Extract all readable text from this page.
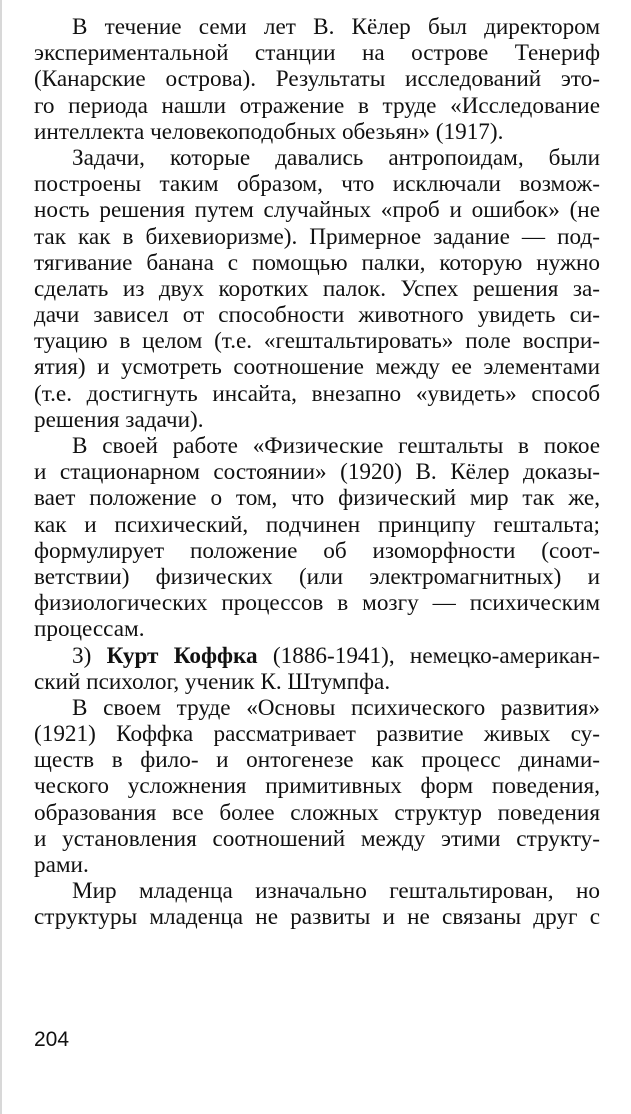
В течение семи лет В. Кёлер был директором
экспериментальной станции на острове Тенериф
(Канарские острова). Результаты исследований это-
го периода нашли отражение в труде «Исследование
интеллекта человекоподобных обезьян» (1917).
Задачи, которые давались антропоидам, были
построены таким образом, что исключали возмож-
ность решения путем случайных «проб и ошибок» (не
так как в бихевиоризме). Примерное задание — под-
тягивание банана с помощью палки, которую нужно
сделать из двух коротких палок. Успех решения за-
дачи зависел от способности животного увидеть си-
туацию в целом (т.е. «гештальтировать» поле воспри-
ятия) и усмотреть соотношение между ее элементами
(т.е. достигнуть инсайта, внезапно «увидеть» способ
решения задачи).
В своей работе «Физические гештальты в покое
и стационарном состоянии» (1920) В. Кёлер доказы-
вает положение о том, что физический мир так же,
как и психический, подчинен принципу гештальта;
формулирует положение об изоморфности (соот-
ветствии) физических (или электромагнитных) и
физиологических процессов в мозгу — психическим
процессам.
3) Курт Коффка (1886-1941), немецко-американ-
ский психолог, ученик К. Штумпфа.
В своем труде «Основы психического развития»
(1921) Коффка рассматривает развитие живых су-
ществ в фило- и онтогенезе как процесс динами-
ческого усложнения примитивных форм поведения,
образования все более сложных структур поведения
и установления соотношений между этими структу-
рами.
Мир младенца изначально гештальтирован, но
структуры младенца не развиты и не связаны друг с
204
